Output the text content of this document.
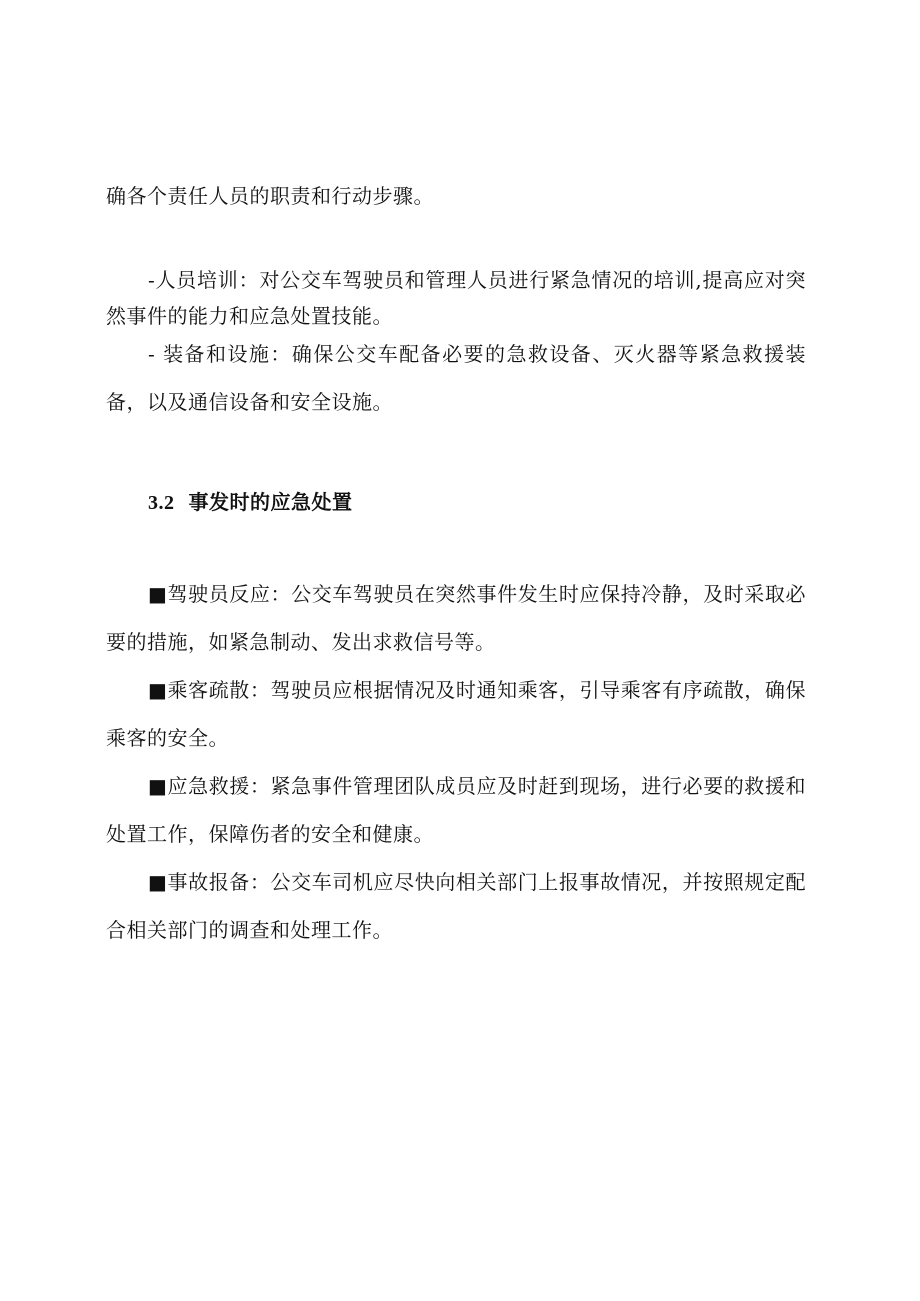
确各个责任人员的职责和行动步骤。

-人员培训：对公交车驾驶员和管理人员进行紧急情况的培训,提高应对突然事件的能力和应急处置技能。

- 装备和设施：确保公交车配备必要的急救设备、灭火器等紧急救援装备，以及通信设备和安全设施。

3.2 事发时的应急处置

■驾驶员反应：公交车驾驶员在突然事件发生时应保持冷静，及时采取必要的措施，如紧急制动、发出求救信号等。

■乘客疏散：驾驶员应根据情况及时通知乘客，引导乘客有序疏散，确保乘客的安全。

■应急救援：紧急事件管理团队成员应及时赶到现场，进行必要的救援和处置工作，保障伤者的安全和健康。

■事故报备：公交车司机应尽快向相关部门上报事故情况，并按照规定配合相关部门的调查和处理工作。
